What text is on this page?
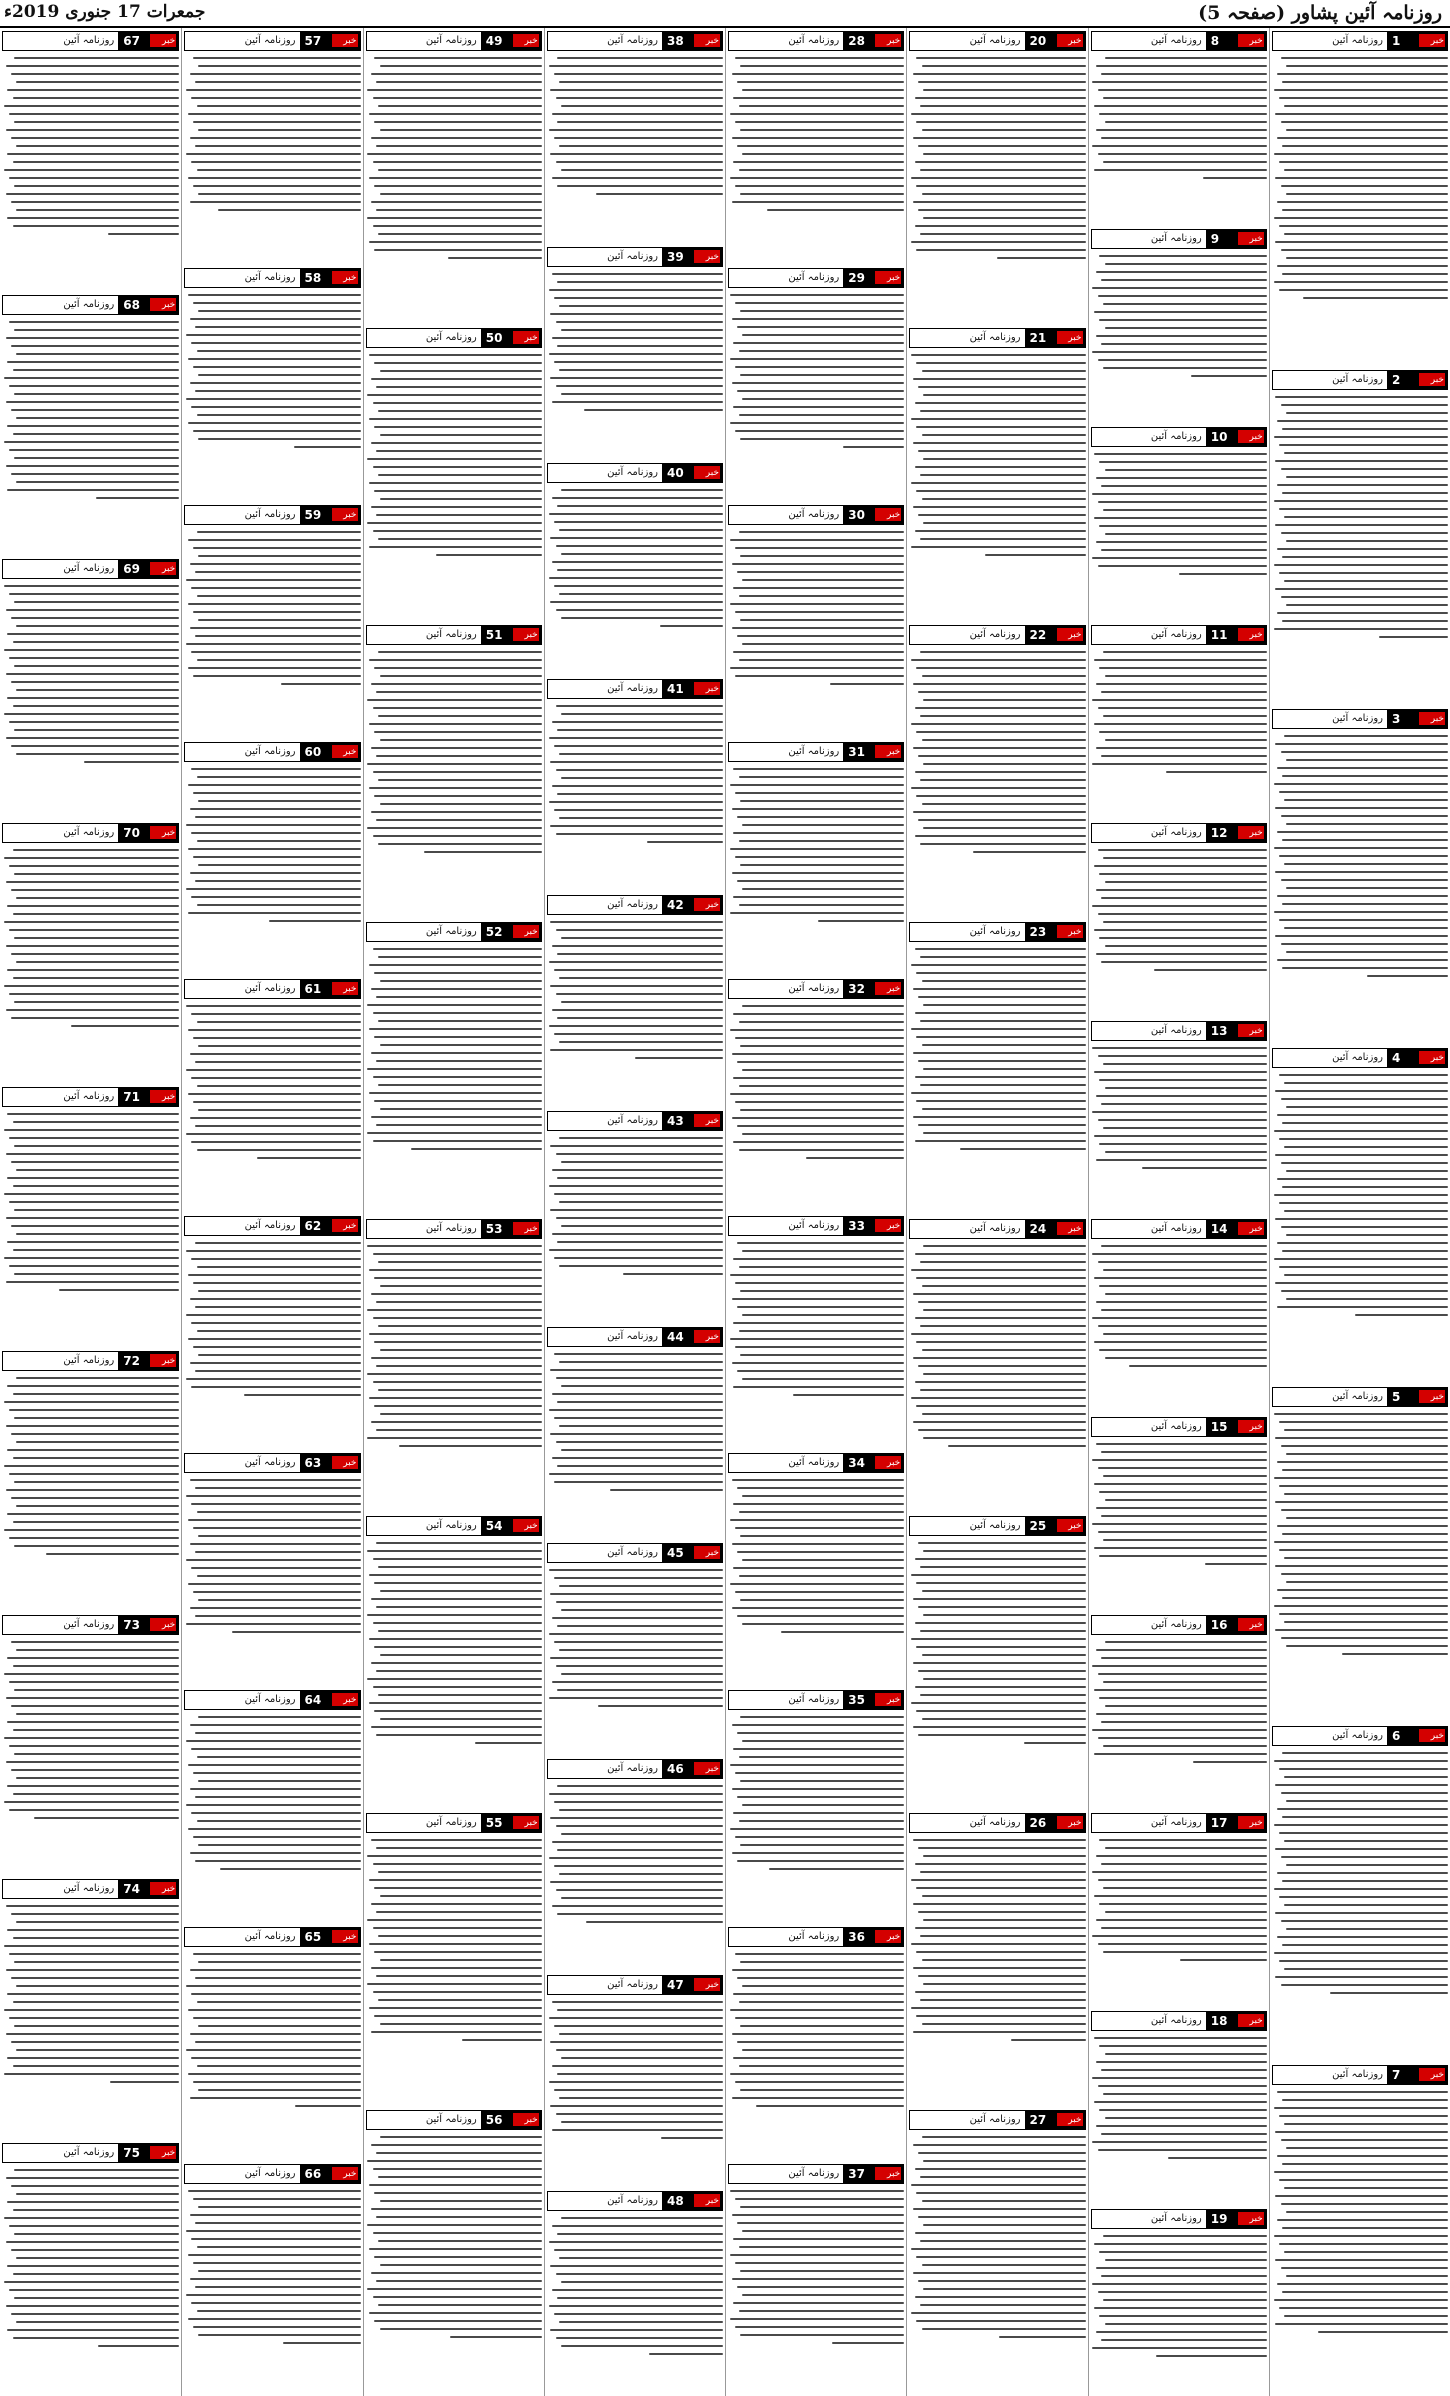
روزنامہ آئین پشاور (صفحہ 5)
جمعرات 17 جنوری 2019ء
خبر
1
روزنامہ آئین
خبر
2
روزنامہ آئین
خبر
3
روزنامہ آئین
خبر
4
روزنامہ آئین
خبر
5
روزنامہ آئین
خبر
6
روزنامہ آئین
خبر
7
روزنامہ آئین
خبر
8
روزنامہ آئین
خبر
9
روزنامہ آئین
خبر
10
روزنامہ آئین
خبر
11
روزنامہ آئین
خبر
12
روزنامہ آئین
خبر
13
روزنامہ آئین
خبر
14
روزنامہ آئین
خبر
15
روزنامہ آئین
خبر
16
روزنامہ آئین
خبر
17
روزنامہ آئین
خبر
18
روزنامہ آئین
خبر
19
روزنامہ آئین
خبر
20
روزنامہ آئین
خبر
21
روزنامہ آئین
خبر
22
روزنامہ آئین
خبر
23
روزنامہ آئین
خبر
24
روزنامہ آئین
خبر
25
روزنامہ آئین
خبر
26
روزنامہ آئین
خبر
27
روزنامہ آئین
خبر
28
روزنامہ آئین
خبر
29
روزنامہ آئین
خبر
30
روزنامہ آئین
خبر
31
روزنامہ آئین
خبر
32
روزنامہ آئین
خبر
33
روزنامہ آئین
خبر
34
روزنامہ آئین
خبر
35
روزنامہ آئین
خبر
36
روزنامہ آئین
خبر
37
روزنامہ آئین
خبر
38
روزنامہ آئین
خبر
39
روزنامہ آئین
خبر
40
روزنامہ آئین
خبر
41
روزنامہ آئین
خبر
42
روزنامہ آئین
خبر
43
روزنامہ آئین
خبر
44
روزنامہ آئین
خبر
45
روزنامہ آئین
خبر
46
روزنامہ آئین
خبر
47
روزنامہ آئین
خبر
48
روزنامہ آئین
خبر
49
روزنامہ آئین
خبر
50
روزنامہ آئین
خبر
51
روزنامہ آئین
خبر
52
روزنامہ آئین
خبر
53
روزنامہ آئین
خبر
54
روزنامہ آئین
خبر
55
روزنامہ آئین
خبر
56
روزنامہ آئین
خبر
57
روزنامہ آئین
خبر
58
روزنامہ آئین
خبر
59
روزنامہ آئین
خبر
60
روزنامہ آئین
خبر
61
روزنامہ آئین
خبر
62
روزنامہ آئین
خبر
63
روزنامہ آئین
خبر
64
روزنامہ آئین
خبر
65
روزنامہ آئین
خبر
66
روزنامہ آئین
خبر
67
روزنامہ آئین
خبر
68
روزنامہ آئین
خبر
69
روزنامہ آئین
خبر
70
روزنامہ آئین
خبر
71
روزنامہ آئین
خبر
72
روزنامہ آئین
خبر
73
روزنامہ آئین
خبر
74
روزنامہ آئین
خبر
75
روزنامہ آئین
